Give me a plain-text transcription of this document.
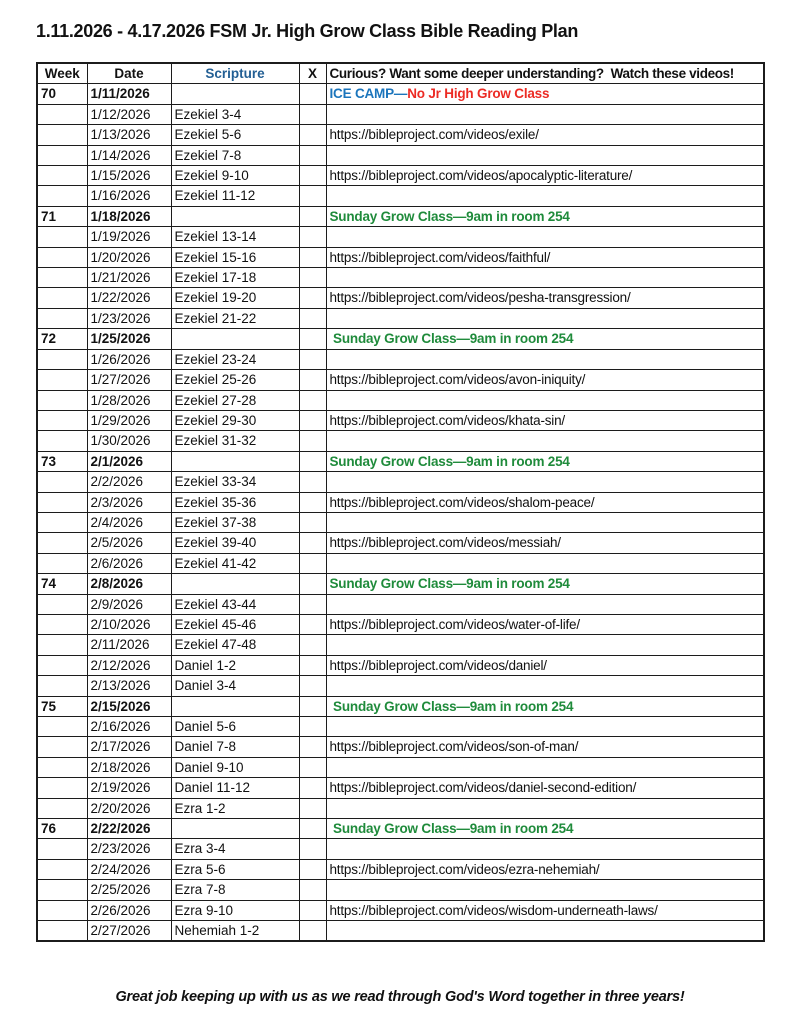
1.11.2026 - 4.17.2026 FSM Jr. High Grow Class Bible Reading Plan
Week	Date	Scripture	X	Curious? Want some deeper understanding?  Watch these videos!
70	1/11/2026			ICE CAMP—No Jr High Grow Class
	1/12/2026	Ezekiel 3-4		
	1/13/2026	Ezekiel 5-6		https://bibleproject.com/videos/exile/
	1/14/2026	Ezekiel 7-8		
	1/15/2026	Ezekiel 9-10		https://bibleproject.com/videos/apocalyptic-literature/
	1/16/2026	Ezekiel 11-12		
71	1/18/2026			Sunday Grow Class—9am in room 254
	1/19/2026	Ezekiel 13-14		
	1/20/2026	Ezekiel 15-16		https://bibleproject.com/videos/faithful/
	1/21/2026	Ezekiel 17-18		
	1/22/2026	Ezekiel 19-20		https://bibleproject.com/videos/pesha-transgression/
	1/23/2026	Ezekiel 21-22		
72	1/25/2026			Sunday Grow Class—9am in room 254
	1/26/2026	Ezekiel 23-24		
	1/27/2026	Ezekiel 25-26		https://bibleproject.com/videos/avon-iniquity/
	1/28/2026	Ezekiel 27-28		
	1/29/2026	Ezekiel 29-30		https://bibleproject.com/videos/khata-sin/
	1/30/2026	Ezekiel 31-32		
73	2/1/2026			Sunday Grow Class—9am in room 254
	2/2/2026	Ezekiel 33-34		
	2/3/2026	Ezekiel 35-36		https://bibleproject.com/videos/shalom-peace/
	2/4/2026	Ezekiel 37-38		
	2/5/2026	Ezekiel 39-40		https://bibleproject.com/videos/messiah/
	2/6/2026	Ezekiel 41-42		
74	2/8/2026			Sunday Grow Class—9am in room 254
	2/9/2026	Ezekiel 43-44		
	2/10/2026	Ezekiel 45-46		https://bibleproject.com/videos/water-of-life/
	2/11/2026	Ezekiel 47-48		
	2/12/2026	Daniel 1-2		https://bibleproject.com/videos/daniel/
	2/13/2026	Daniel 3-4		
75	2/15/2026			Sunday Grow Class—9am in room 254
	2/16/2026	Daniel 5-6		
	2/17/2026	Daniel 7-8		https://bibleproject.com/videos/son-of-man/
	2/18/2026	Daniel 9-10		
	2/19/2026	Daniel 11-12		https://bibleproject.com/videos/daniel-second-edition/
	2/20/2026	Ezra 1-2		
76	2/22/2026			Sunday Grow Class—9am in room 254
	2/23/2026	Ezra 3-4		
	2/24/2026	Ezra 5-6		https://bibleproject.com/videos/ezra-nehemiah/
	2/25/2026	Ezra 7-8		
	2/26/2026	Ezra 9-10		https://bibleproject.com/videos/wisdom-underneath-laws/
	2/27/2026	Nehemiah 1-2		
Great job keeping up with us as we read through God's Word together in three years!
